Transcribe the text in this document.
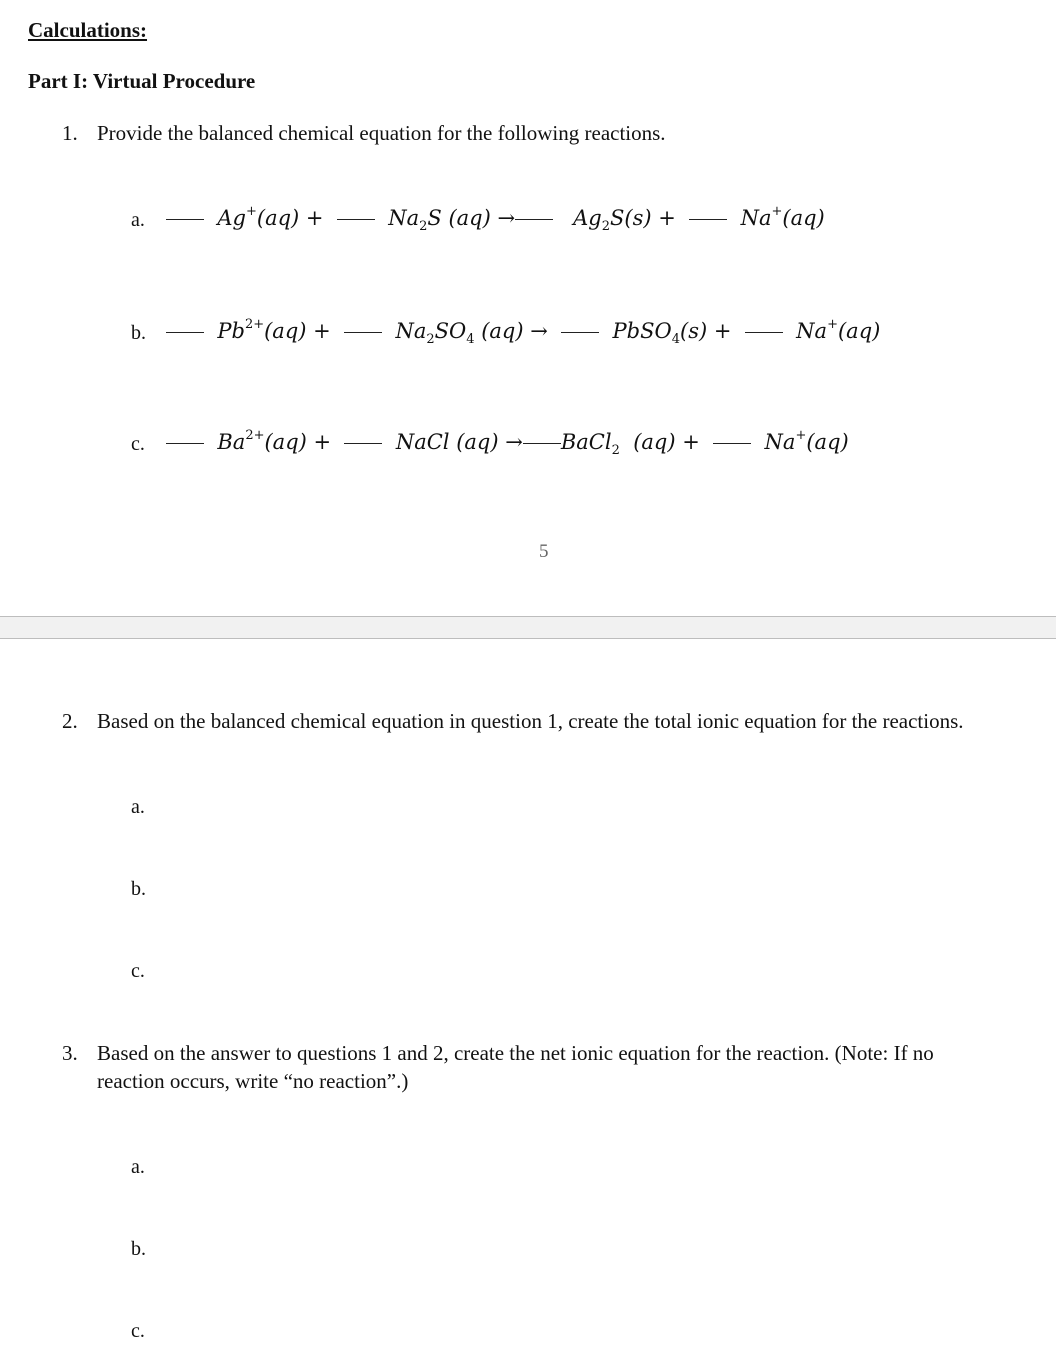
Calculations:
Part I: Virtual Procedure
1. Provide the balanced chemical equation for the following reactions.
a.	Ag+(aq) +    $Na_2S$ $(aq) \to Ag_2S(s)$ +    Na+(aq)
b.	$Pb^{2+}(aq)$ +    $Na_2SO_4$ (aq) →    PbSO$_4$(s) +    Na+(aq)
c.	$Ba^{2+}(aq)$ +    NaCl (aq) → BaCl$_2$  (aq) +    Na+(aq)
5
2. Based on the balanced chemical equation in question 1, create the total ionic equation for the reactions.
a.
b.
c.
3. Based on the answer to questions 1 and 2, create the net ionic equation for the reaction. (Note: If no
reaction occurs, write “no reaction”.)
a.
b.
c.
